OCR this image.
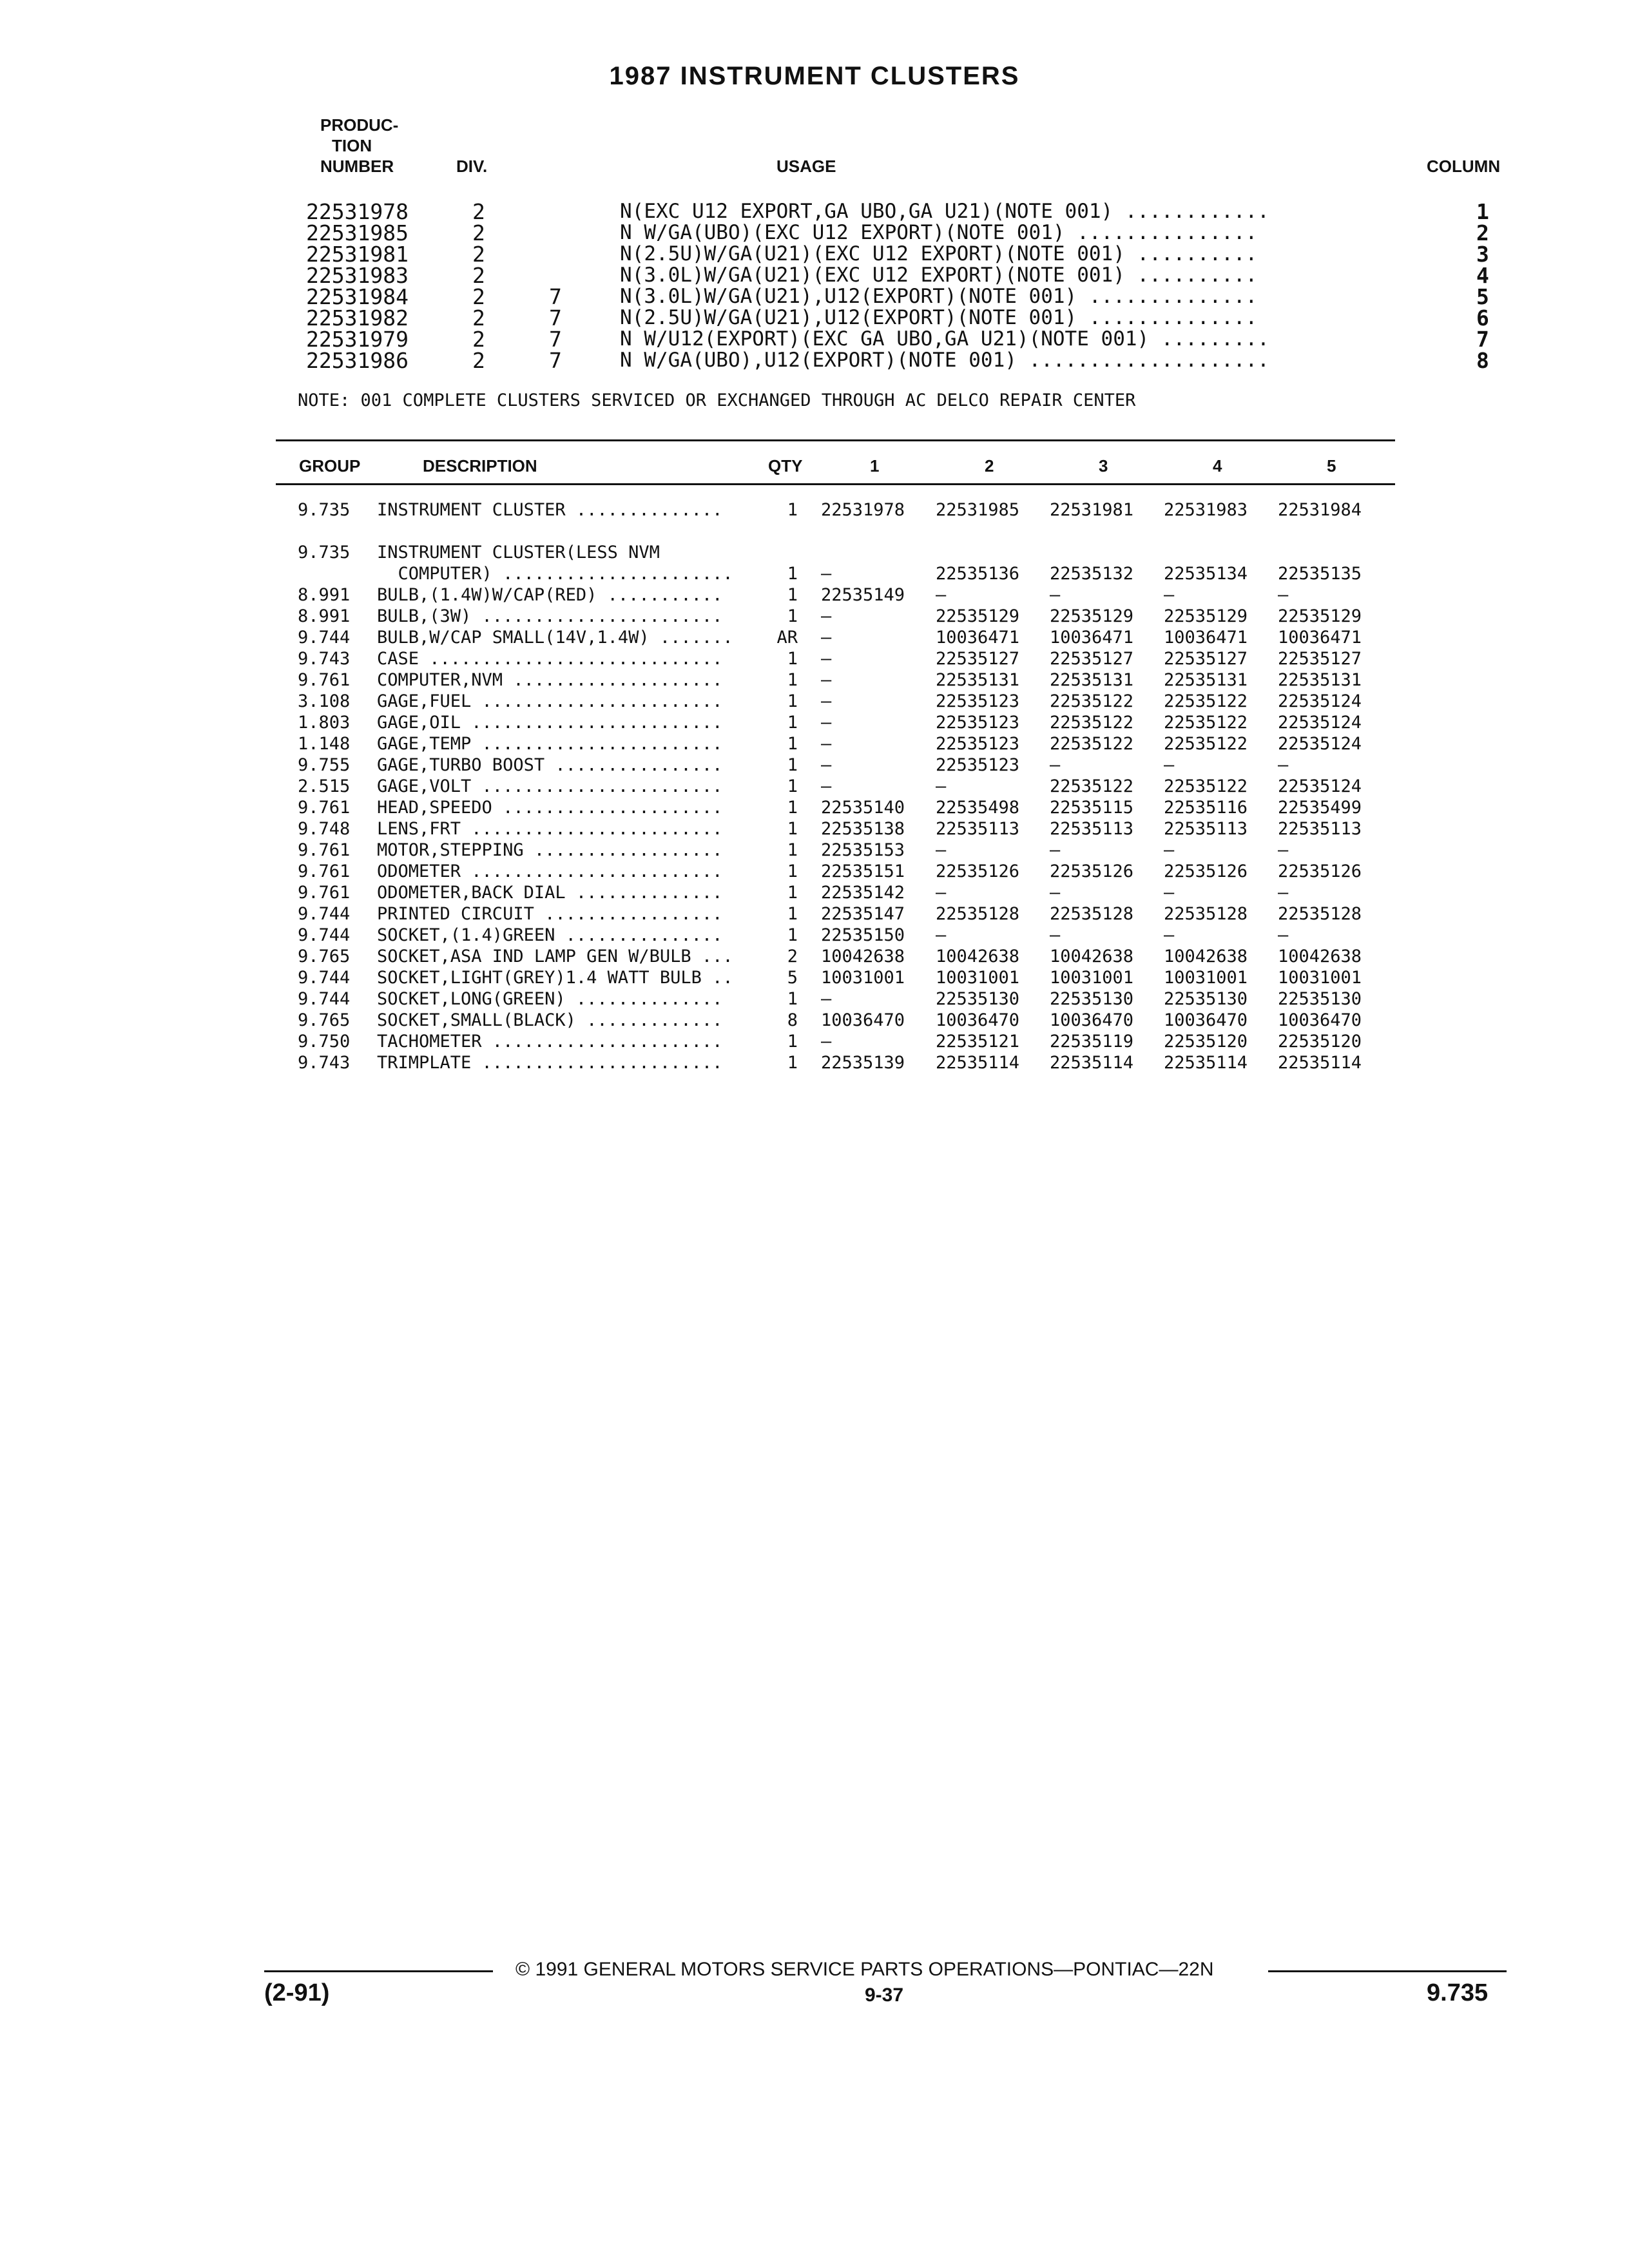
1987 INSTRUMENT CLUSTERS
PRODUC-
TION
NUMBER	DIV.	USAGE	COLUMN
22531978	2	N(EXC U12 EXPORT,GA UBO,GA U21)(NOTE 001) ............	1
22531985	2	N W/GA(UBO)(EXC U12 EXPORT)(NOTE 001) ...............	2
22531981	2	N(2.5U)W/GA(U21)(EXC U12 EXPORT)(NOTE 001) ..........	3
22531983	2	N(3.0L)W/GA(U21)(EXC U12 EXPORT)(NOTE 001) ..........	4
22531984	2	7	N(3.0L)W/GA(U21),U12(EXPORT)(NOTE 001) ..............	5
22531982	2	7	N(2.5U)W/GA(U21),U12(EXPORT)(NOTE 001) ..............	6
22531979	2	7	N W/U12(EXPORT)(EXC GA UBO,GA U21)(NOTE 001) .........	7
22531986	2	7	N W/GA(UBO),U12(EXPORT)(NOTE 001) ....................	8
NOTE: 001 COMPLETE CLUSTERS SERVICED OR EXCHANGED THROUGH AC DELCO REPAIR CENTER
GROUP	DESCRIPTION	QTY	1	2	3	4	5
9.735 INSTRUMENT CLUSTER ..............	1 22531978 22531985 22531981 22531983 22531984
9.735 INSTRUMENT CLUSTER(LESS NVM
COMPUTER) ......................	1 —	22535136 22535132 22535134 22535135
8.991 BULB,(1.4W)W/CAP(RED) ...........	1 22535149 —	—	—	—
8.991 BULB,(3W) .......................	1 —	22535129 22535129 22535129 22535129
9.744 BULB,W/CAP SMALL(14V,1.4W) .......	AR —	10036471 10036471 10036471 10036471
9.743 CASE ............................	1 —	22535127 22535127 22535127 22535127
9.761 COMPUTER,NVM ....................	1 —	22535131 22535131 22535131 22535131
3.108 GAGE,FUEL .......................	1 —	22535123 22535122 22535122 22535124
1.803 GAGE,OIL ........................	1 —	22535123 22535122 22535122 22535124
1.148 GAGE,TEMP .......................	1 —	22535123 22535122 22535122 22535124
9.755 GAGE,TURBO BOOST ................	1 —	22535123 —	—	—
2.515 GAGE,VOLT .......................	1 —	—	22535122 22535122 22535124
9.761 HEAD,SPEEDO .....................	1 22535140 22535498 22535115 22535116 22535499
9.748 LENS,FRT ........................	1 22535138 22535113 22535113 22535113 22535113
9.761 MOTOR,STEPPING ..................	1 22535153 —	—	—	—
9.761 ODOMETER ........................	1 22535151 22535126 22535126 22535126 22535126
9.761 ODOMETER,BACK DIAL ..............	1 22535142 —	—	—	—
9.744 PRINTED CIRCUIT .................	1 22535147 22535128 22535128 22535128 22535128
9.744 SOCKET,(1.4)GREEN ...............	1 22535150 —	—	—	—
9.765 SOCKET,ASA IND LAMP GEN W/BULB ...	2 10042638 10042638 10042638 10042638 10042638
9.744 SOCKET,LIGHT(GREY)1.4 WATT BULB ..	5 10031001 10031001 10031001 10031001 10031001
9.744 SOCKET,LONG(GREEN) ..............	1 —	22535130 22535130 22535130 22535130
9.765 SOCKET,SMALL(BLACK) .............	8 10036470 10036470 10036470 10036470 10036470
9.750 TACHOMETER ......................	1 —	22535121 22535119 22535120 22535120
9.743 TRIMPLATE .......................	1 22535139 22535114 22535114 22535114 22535114
© 1991 GENERAL MOTORS SERVICE PARTS OPERATIONS—PONTIAC—22N
(2-91)	9-37	9.735
